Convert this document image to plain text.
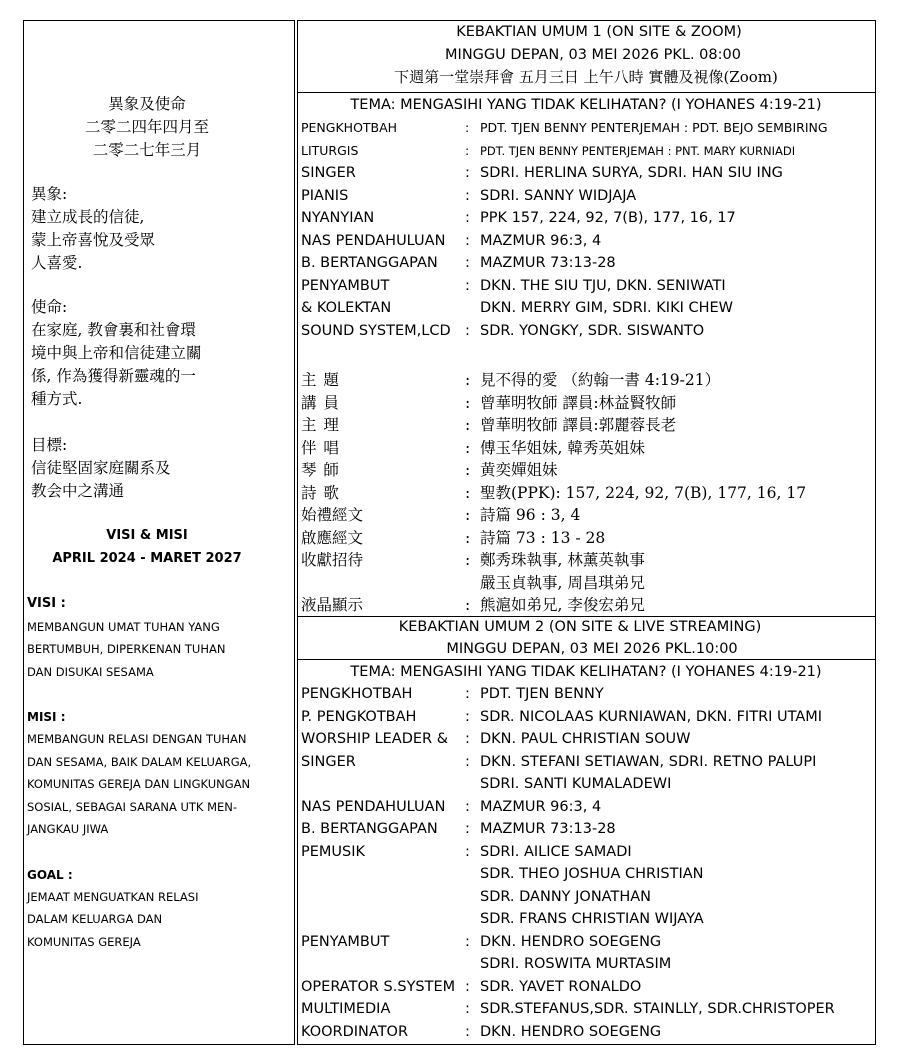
異象及使命
二零二四年四月至
二零二七年三月
異象:
建立成長的信徒,
蒙上帝喜悅及受眾
人喜愛.
使命:
在家庭, 教會裏和社會環
境中與上帝和信徒建立關
係, 作為獲得新靈魂的一
種方式.
目標:
信徒堅固家庭關系及
教会中之溝通
VISI & MISI
APRIL 2024 - MARET 2027
VISI :
MEMBANGUN UMAT TUHAN YANG
BERTUMBUH, DIPERKENAN TUHAN
DAN DISUKAI SESAMA
MISI :
MEMBANGUN RELASI DENGAN TUHAN
DAN SESAMA, BAIK DALAM KELUARGA,
KOMUNITAS GEREJA DAN LINGKUNGAN
SOSIAL, SEBAGAI SARANA UTK MEN-
JANGKAU JIWA
GOAL :
JEMAAT MENGUATKAN RELASI
DALAM KELUARGA DAN
KOMUNITAS GEREJA
KEBAKTIAN UMUM 1 (ON SITE & ZOOM)
MINGGU DEPAN, 03 MEI 2026 PKL. 08:00
下週第一堂崇拜會 五月三日 上午八時 實體及視像(Zoom)
TEMA: MENGASIHI YANG TIDAK KELIHATAN? (I YOHANES 4:19-21)
PENGKHOTBAH	: PDT. TJEN BENNY PENTERJEMAH : PDT. BEJO SEMBIRING
LITURGIS	: PDT. TJEN BENNY PENTERJEMAH : PNT. MARY KURNIADI
SINGER	: SDRI. HERLINA SURYA, SDRI. HAN SIU ING
PIANIS	: SDRI. SANNY WIDJAJA
NYANYIAN	: PPK 157, 224, 92, 7(B), 177, 16, 17
NAS PENDAHULUAN : MAZMUR 96:3, 4
B. BERTANGGAPAN : MAZMUR 73:13-28
PENYAMBUT	: DKN. THE SIU TJU, DKN. SENIWATI
& KOLEKTAN	DKN. MERRY GIM, SDRI. KIKI CHEW
SOUND SYSTEM,LCD : SDR. YONGKY, SDR. SISWANTO
主 題	: 見不得的愛 （約翰一書 4:19-21）
講 員	: 曾華明牧師 譯員:林益賢牧師
主 理	: 曾華明牧師 譯員:郭麗蓉長老
伴 唱	: 傅玉华姐妹, 韓秀英姐妹
琴 師	: 黄奕嬋姐妹
詩 歌	: 聖教(PPK): 157, 224, 92, 7(B), 177, 16, 17
始禮經文	: 詩篇 96 : 3, 4
啟應經文	: 詩篇 73 : 13 - 28
收獻招待	: 鄭秀珠執事, 林薰英執事
嚴玉貞執事, 周昌琪弟兄
液晶顯示	: 熊滬如弟兄, 李俊宏弟兄
KEBAKTIAN UMUM 2 (ON SITE & LIVE STREAMING)
MINGGU DEPAN, 03 MEI 2026 PKL.10:00
TEMA: MENGASIHI YANG TIDAK KELIHATAN? (I YOHANES 4:19-21)
PENGKHOTBAH	: PDT. TJEN BENNY
P. PENGKOTBAH	: SDR. NICOLAAS KURNIAWAN, DKN. FITRI UTAMI
WORSHIP LEADER & : DKN. PAUL CHRISTIAN SOUW
SINGER	: DKN. STEFANI SETIAWAN, SDRI. RETNO PALUPI
SDRI. SANTI KUMALADEWI
NAS PENDAHULUAN : MAZMUR 96:3, 4
B. BERTANGGAPAN : MAZMUR 73:13-28
PEMUSIK	: SDRI. AILICE SAMADI
SDR. THEO JOSHUA CHRISTIAN
SDR. DANNY JONATHAN
SDR. FRANS CHRISTIAN WIJAYA
PENYAMBUT	: DKN. HENDRO SOEGENG
SDRI. ROSWITA MURTASIM
OPERATOR S.SYSTEM : SDR. YAVET RONALDO
MULTIMEDIA	: SDR.STEFANUS,SDR. STAINLLY, SDR.CHRISTOPER
KOORDINATOR	: DKN. HENDRO SOEGENG
